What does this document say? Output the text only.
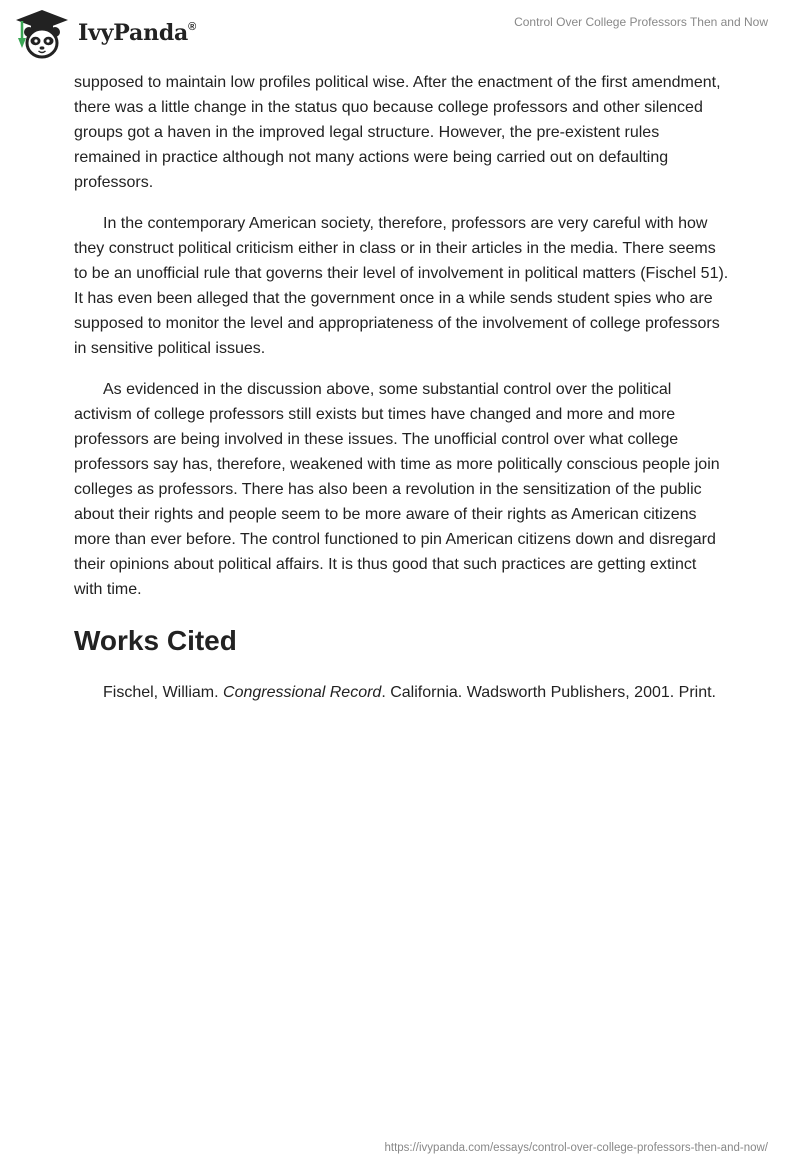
IvyPanda®	Control Over College Professors Then and Now

supposed to maintain low profiles political wise. After the enactment of the first amendment, there was a little change in the status quo because college professors and other silenced groups got a haven in the improved legal structure. However, the pre-existent rules remained in practice although not many actions were being carried out on defaulting professors.

In the contemporary American society, therefore, professors are very careful with how they construct political criticism either in class or in their articles in the media. There seems to be an unofficial rule that governs their level of involvement in political matters (Fischel 51). It has even been alleged that the government once in a while sends student spies who are supposed to monitor the level and appropriateness of the involvement of college professors in sensitive political issues.

As evidenced in the discussion above, some substantial control over the political activism of college professors still exists but times have changed and more and more professors are being involved in these issues. The unofficial control over what college professors say has, therefore, weakened with time as more politically conscious people join colleges as professors. There has also been a revolution in the sensitization of the public about their rights and people seem to be more aware of their rights as American citizens more than ever before. The control functioned to pin American citizens down and disregard their opinions about political affairs. It is thus good that such practices are getting extinct with time.

Works Cited

Fischel, William. Congressional Record. California. Wadsworth Publishers, 2001. Print.

https://ivypanda.com/essays/control-over-college-professors-then-and-now/
